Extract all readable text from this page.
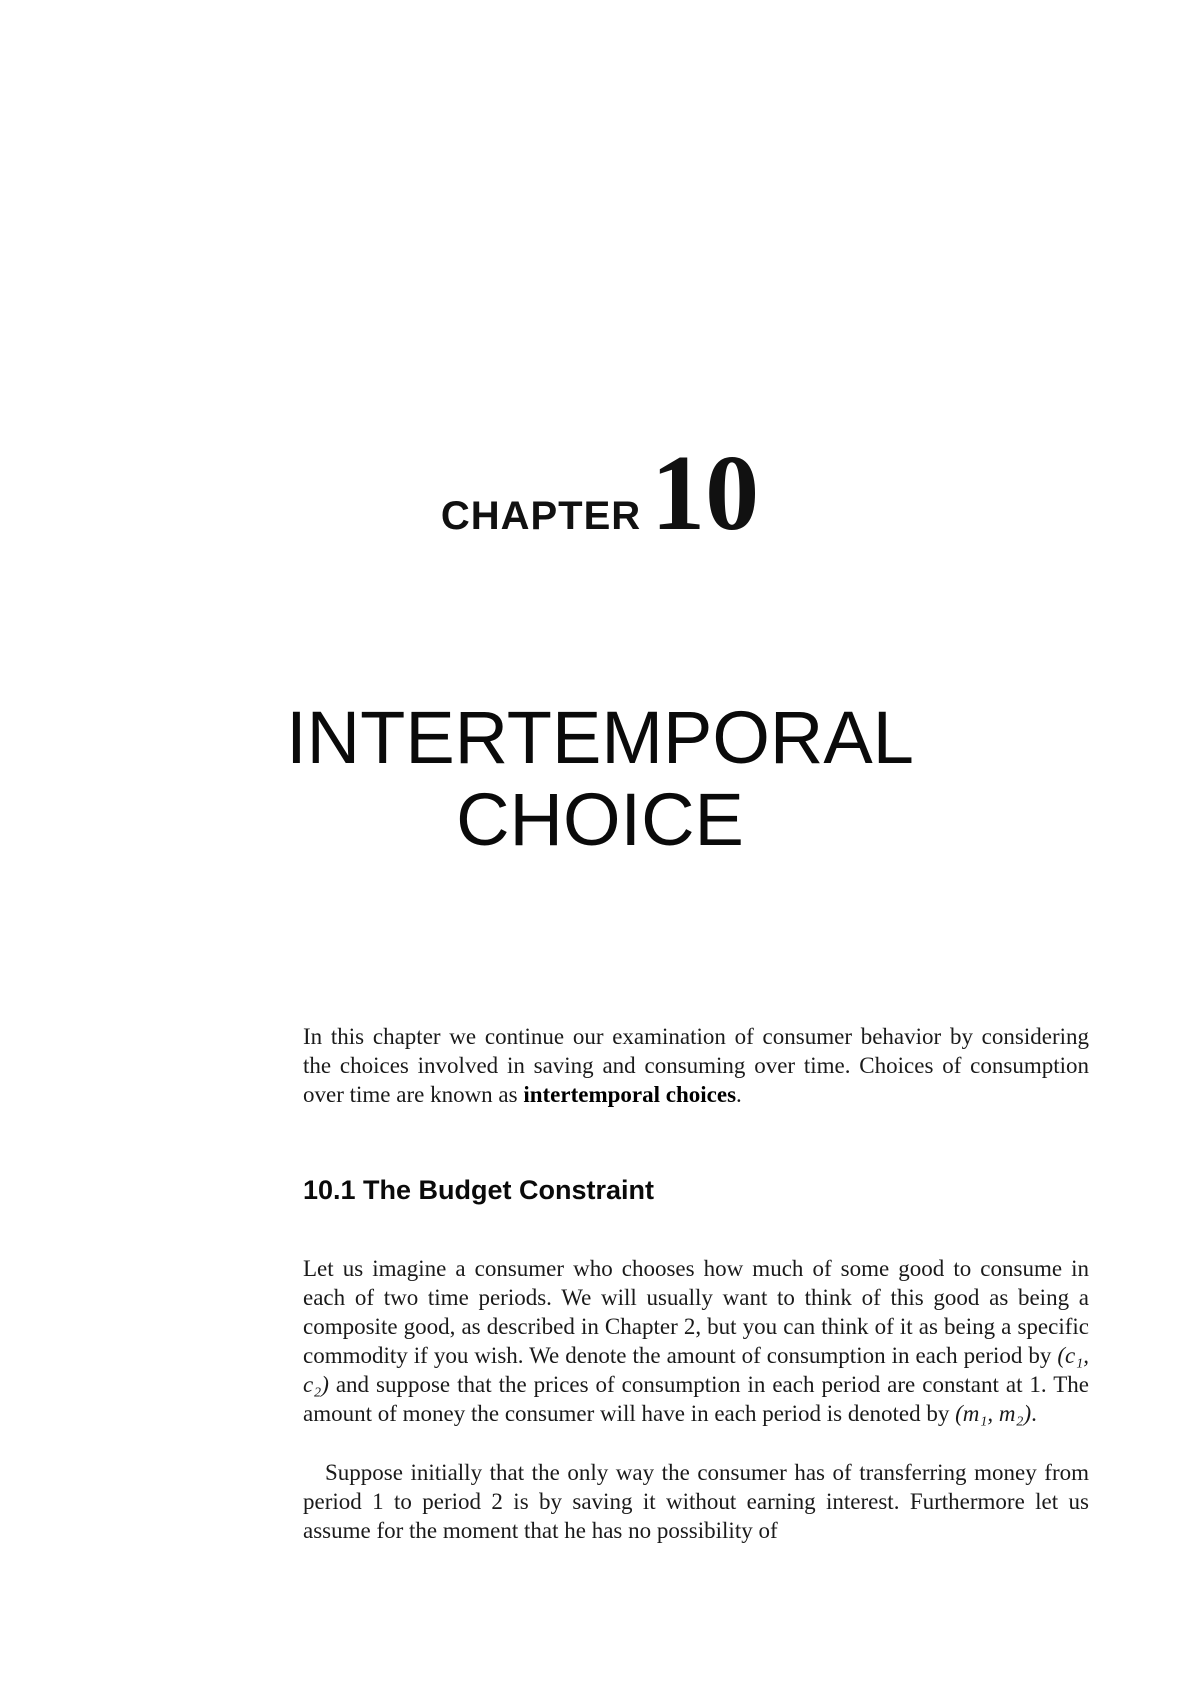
CHAPTER10
INTERTEMPORAL
CHOICE

In this chapter we continue our examination of consumer behavior by considering the choices involved in saving and consuming over time. Choices of consumption over time are known as intertemporal choices.

10.1 The Budget Constraint

Let us imagine a consumer who chooses how much of some good to consume in each of two time periods. We will usually want to think of this good as being a composite good, as described in Chapter 2, but you can think of it as being a specific commodity if you wish. We denote the amount of consumption in each period by (c₁, c₂) and suppose that the prices of consumption in each period are constant at 1. The amount of money the consumer will have in each period is denoted by (m₁, m₂).

Suppose initially that the only way the consumer has of transferring money from period 1 to period 2 is by saving it without earning interest. Furthermore let us assume for the moment that he has no possibility of
